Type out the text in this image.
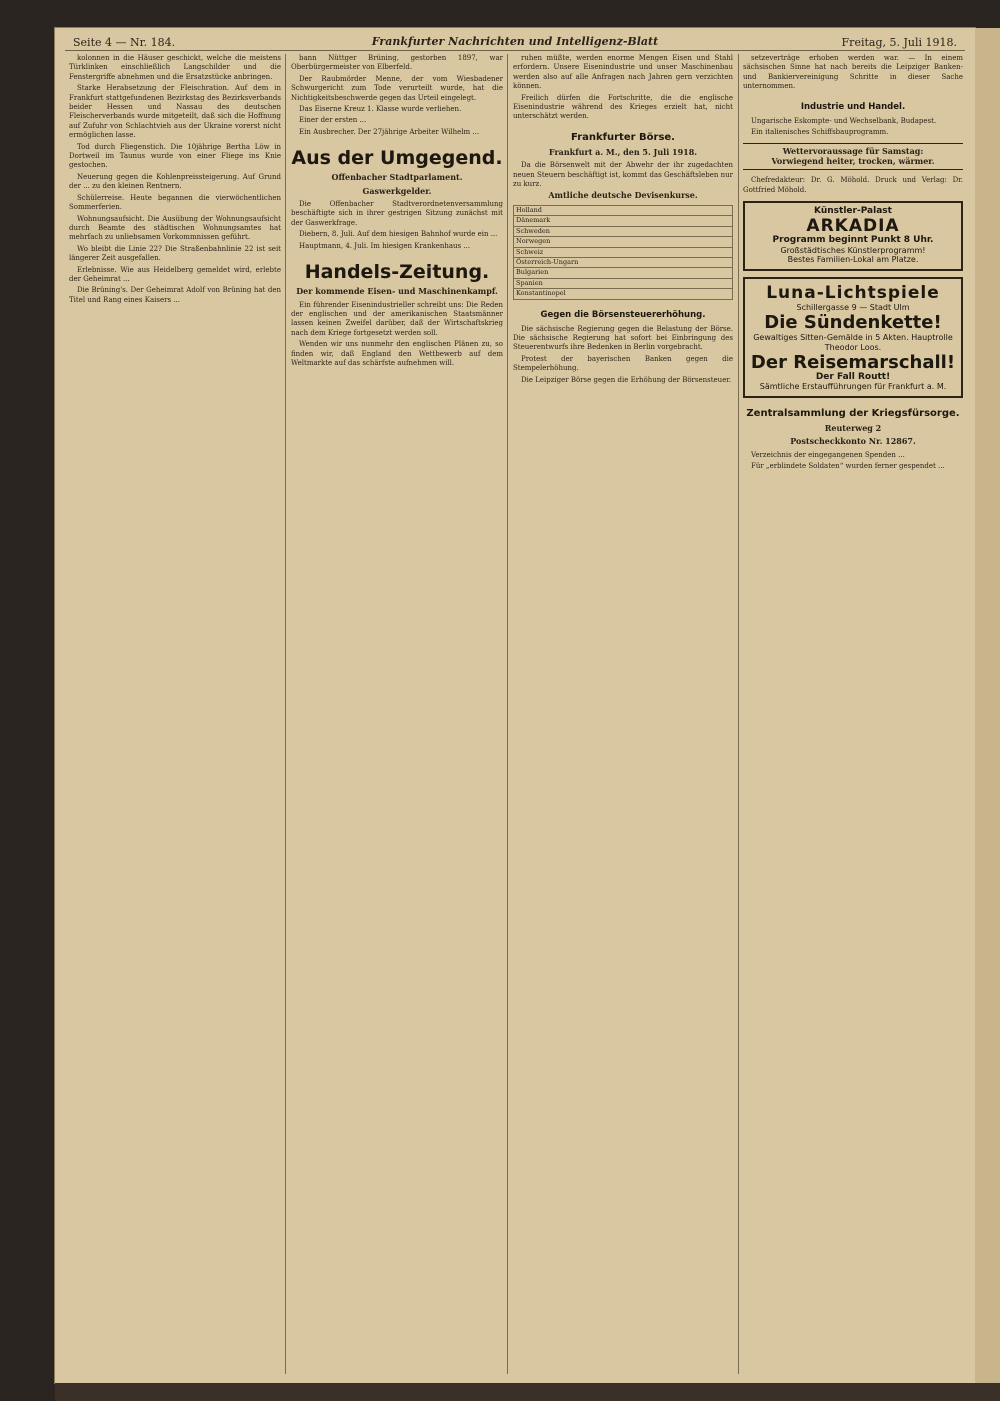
Seite 4 — Nr. 184.	Frankfurter Nachrichten und Intelligenz-Blatt	Freitag, 5. Juli 1918.

kolonnen in die Häuser geschickt, welche die meistens Türklinken einschließlich Langschilder und die Fenstergriffe abnehmen und die Ersatzstücke anbringen.

Starke Herabsetzung der Fleischration. Auf dem in Frankfurt stattgefundenen Bezirkstag des Bezirksverbands beider Hessen und Nassau des deutschen Fleischerverbands wurde mitgeteilt, daß sich die Hoffnung auf Zufuhr von Schlachtvieh aus der Ukraine vorerst nicht ermöglichen lasse.

Tod durch Fliegenstich. Die 10jährige Bertha Löw in Dortweil im Taunus wurde von einer Fliege ins Knie gestochen.

Neuerung gegen die Kohlenpreissteigerung. Auf Grund der ... zu den kleinen Rentnern.

Schülerreise. Heute begannen die vierwöchentlichen Sommerferien.

Wohnungsaufsicht. Die Ausübung der Wohnungsaufsicht durch Beamte des städtischen Wohnungsamtes hat mehrfach zu unliebsamen Vorkommnissen geführt.

Wo bleibt die Linie 22? Die Straßenbahnlinie 22 ist seit längerer Zeit ausgefallen.

Erlebnisse. Wie aus Heidelberg gemeldet wird, erlebte der Geheimrat ...

Die Brüning's. Der Geheimrat Adolf von Brüning hat den Titel und Rang eines Kaisers ...

bann Nüttger Brüning, gestorben 1897, war Oberbürgermeister von Elberfeld.

Der Raubmörder Menne, der vom Wiesbadener Schwurgericht zum Tode verurteilt wurde, hat die Nichtigkeitsbeschwerde gegen das Urteil eingelegt.

Das Eiserne Kreuz 1. Klasse wurde verliehen.

Einer der ersten ...

Ein Ausbrecher. Der 27jährige Arbeiter Wilhelm ...

Aus der Umgegend.
Offenbacher Stadtparlament.
Gaswerkgelder.

Die Offenbacher Stadtverordnetenversammlung beschäftigte sich in ihrer gestrigen Sitzung zunächst mit der Gaswerkfrage.

Diebern, 8. Juli. Auf dem hiesigen Bahnhof wurde ein ...

Hauptmann, 4. Juli. Im hiesigen Krankenhaus ...

Handels-Zeitung.
Der kommende Eisen- und Maschinenkampf.

Ein führender Eisenindustrieller schreibt uns: Die Reden der englischen und der amerikanischen Staatsmänner lassen keinen Zweifel darüber, daß der Wirtschaftskrieg nach dem Kriege fortgesetzt werden soll.

Wenden wir uns nunmehr den englischen Plänen zu, so finden wir, daß England den Wettbewerb auf dem Weltmarkte auf das schärfste aufnehmen will.

ruhen müßte, werden enorme Mengen Eisen und Stahl erfordern. Unsere Eisenindustrie und unser Maschinenbau werden also auf alle Anfragen nach Jahren gern verzichten können.

Freilich dürfen die Fortschritte, die die englische Eisenindustrie während des Krieges erzielt hat, nicht unterschätzt werden.

Frankfurter Börse.
Frankfurt a. M., den 5. Juli 1918.

Da die Börsenwelt mit der Abwehr der ihr zugedachten neuen Steuern beschäftigt ist, kommt das Geschäftsleben nur zu kurz.

Amtliche deutsche Devisenkurse.
Holland
Dänemark
Schweden
Norwegen
Schweiz
Österreich-Ungarn
Bulgarien
Spanien
Konstantinopel
Gegen die Börsensteuererhöhung.

Die sächsische Regierung gegen die Belastung der Börse. Die sächsische Regierung hat sofort bei Einbringung des Steuerentwurfs ihre Bedenken in Berlin vorgebracht.

Protest der bayerischen Banken gegen die Stempelerhöhung.

Die Leipziger Börse gegen die Erhöhung der Börsensteuer.

setzeverträge erhoben werden war. — In einem sächsischen Sinne hat nach bereits die Leipziger Banken- und Bankiervereinigung Schritte in dieser Sache unternommen.

Industrie und Handel.

Ungarische Eskompte- und Wechselbank, Budapest.

Ein italienisches Schiffsbauprogramm.

Wettervoraussage für Samstag:
Vorwiegend heiter, trocken, wärmer.

Chefredakteur: Dr. G. Möhold. Druck und Verlag: Dr. Gottfried Möhold.

Künstler-Palast
ARKADIA
Programm beginnt Punkt 8 Uhr.
Großstädtisches Künstlerprogramm!
Bestes Familien-Lokal am Platze.
Luna-Lichtspiele
Schillergasse 9 — Stadt Ulm
Die Sündenkette!
Gewaltiges Sitten-Gemälde in 5 Akten. Hauptrolle Theodor Loos.
Der Reisemarschall!
Der Fall Routt!
Sämtliche Erstaufführungen für Frankfurt a. M.
Zentralsammlung der Kriegsfürsorge.
Reuterweg 2
Postscheckkonto Nr. 12867.

Verzeichnis der eingegangenen Spenden ...

Für „erblindete Soldaten“ wurden ferner gespendet ...
